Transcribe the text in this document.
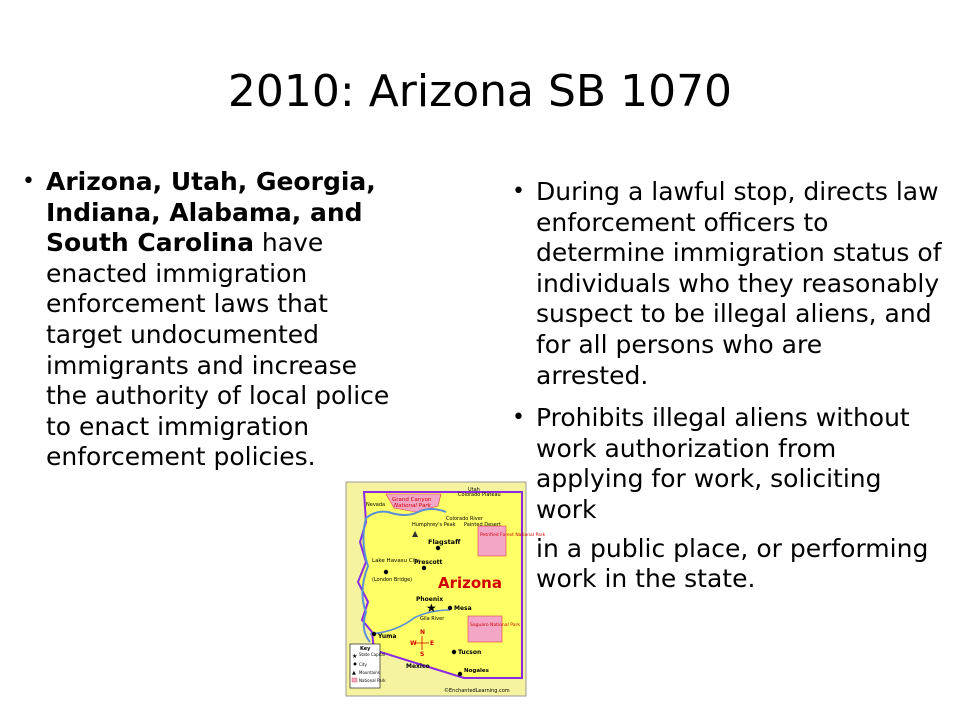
2010: Arizona SB 1070

• Arizona, Utah, Georgia, Indiana, Alabama, and South Carolina have enacted immigration enforcement laws that target undocumented immigrants and increase the authority of local police to enact immigration enforcement policies.

• During a lawful stop, directs law enforcement officers to determine immigration status of individuals who they reasonably suspect to be illegal aliens, and for all persons who are arrested.

• Prohibits illegal aliens without work authorization from applying for work, soliciting work

in a public place, or performing work in the state.

▲
★
Grand Canyon
National Park
Colorado Plateau
Utah
Nevada
Colorado River
Painted Desert
Petrified Forest National Park
Humphrey's Peak
Flagstaff
Lake Havasu City
(London Bridge)
Prescott
Arizona
Phoenix
Mesa
Gila River
Yuma
Tucson
Saguaro National Park
Nogales
Mexico
N
S
W E
Key
★ State Capital
City
▲ Mountains
National Park
©EnchantedLearning.com
